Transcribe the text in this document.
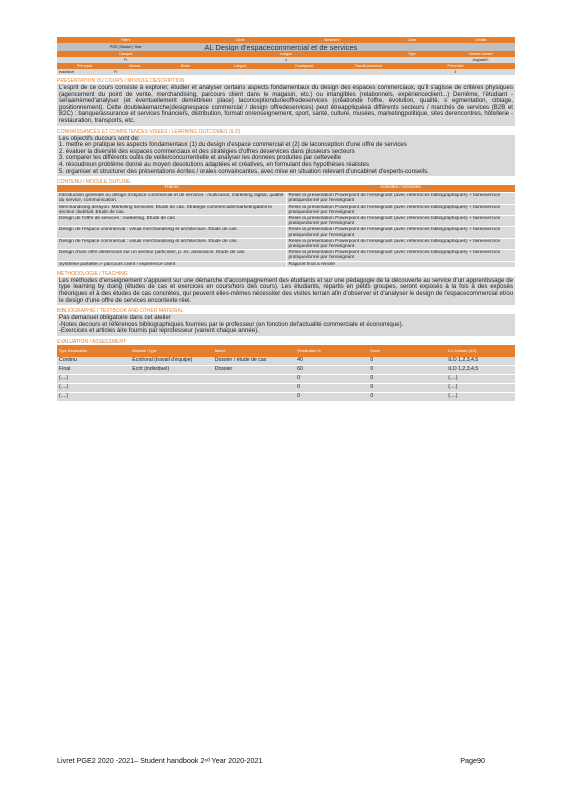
Filière	Cycle	Semestre	Code	Crédits
PGE | Master | Year	AL Design d'espacecommercial et de services			
Campus	Langue		Type	Volume horaire
Fr	4			Anglais/Fr
Prérequis	Niveau	Mode	Langue	Enseignant	Travail personnel	Présentiel
Individuel	Fr					4
PRESENTATION DU COURS / MODULE DESCRIPTION
L'esprit de ce cours consiste à explorer, étudier et analyser certains aspects fondamentaux du design des espaces commerciaux, qu'il s'agisse de critères physiques (agencement du point de vente, merchandising, parcours client dans le magasin, etc.) ou intangibles (relationnels, expérienceclient...) Demême, l'étudiant -seraamèmed'analyser (et éventuellement demettreen place) laconceptionduneoffredeservices (créationde l'offre, évolution, qualité, s egmentation, ciblage, positionnement). Cette doubleàemarche(designespace commercial / design offredeservices) peut êtreappliquéeà différents secteurs / marchés de services (B2B et B2C) : banque/assurance et services financiers, distribution, formati on/enseignement, sport, santé, culture, musées, marketingpolitique, sites derencontres, hôtellerie -restauration, transports, etc.
CONNAISSANCES ET COMPETENCES VISEES / LEARNING OUTCOMES (ILO)

Les objectifs ducours sont de:

1. mettre en pratique les aspects fondamentaux (1) du design d'espace commercial et (2) de laconception d'une offre de services

2. évaluer la diversité des espaces commerciaux et des stratégies d'offres deservices dans plusieurs secteurs

3. comparer les différents outils de veille/concurrentielle et analyser les données produites par cetteveille

4. résoudreun problème donné au moyen desolutions adaptées et créatives, en formulant des hypothèses réalistes

5. organiser et structurer des présentations écrites / orales convaincantes, avec mise en situation relevant d'uncabinet d'experts-conseils.

CONTENU / MODULE OUTLINE
Thème	Activités / Activities
Introduction générale au design d'espace commercial et de services : multicanal, marketing digital, qualité du service, communication.	Relire la présentation Powerpoint de l'enseignant (avec références bibliographiques) + faireexercice pratiquedonné par l'enseignant
Merchandising derayon. Marketing sensoriel. Etude de cas. Stratégie commerciale/marketingdans le secteur dudétail. Etude de cas.	Relire la présentation Powerpoint de l'enseignant (avec références bibliographiques) + faireexercice pratiquedonné par l'enseignant
Design de l'offre de services : marketing. Etude de cas	Relire la présentation Powerpoint de l'enseignant (avec références bibliographiques) + faireexercice pratiquedonné par l'enseignant
Design de l'espace commercial : visual merchandising et architecture. Etude de cas.	Relire la présentation Powerpoint de l'enseignant (avec références bibliographiques) + faireexercice pratiquedonné par l'enseignant
Design de l'espace commercial : visual merchandising et architecture. Etude de cas.	Relire la présentation Powerpoint de l'enseignant (avec références bibliographiques) + faireexercice pratiquedonné par l'enseignant
Design d'une offre deservices sur un secteur particulier, p. ex. assurance. Etude de cas.	Relire la présentation Powerpoint de l'enseignant (avec références bibliographiques) + faireexercice pratiquedonné par l'enseignant
Synthèse partielle=> parcours client / expérience client	Rapport final à rendre
METHODOLOGIE / TEACHING
Les méthodes d'enseignement s'appuient sur une démarche d'accompagnement des étudiants et sur une pédagogie de la découverte au service d'un apprentissage de type learning by doing (études de cas et exercices en cours/hors des cours). Les étudiants, répartis en petits groupes, seront exposés à la fois à des exposés théoriques et à des études de cas concrètes, qui peuvent elles-mêmes nécessiter des visites terrain afin d'observer et d'analyser le design de l'espacecommercial et/ou le design d'une offre de services encontexte réel.
BIBLIOGRAPHIE / TEXTBOOK AND OTHER MATERIAL

Pas demanuel obligatoire dans cet atelier

-Notes decours et références bibliographiques fournies par le professeur (en fonction del'actualité commerciale et économique).

-Exercices et articles àire fournis par leprofesseur (varient chaque année).

EVALUATION / ASSESSMENT
Type d'évaluation	Modalité / Type	Nature	Pondération %	Durée	ILO évalués (ILO)
Continu	Ecrit/oral (travail d'équipe)	Dossier / étude de cas	40	0	ILO 1,2,3,4,5
Final	Ecrit (individuel)	Dossier	60	0	ILO 1,2,3,4,5
(....)			0	0	(....)
(....)			0	0	(....)
(....)			0	0	(....)
Livret PGE2 2020 -2021– Student handbook 2ⁿᵈ Year 2020-2021	Page90
